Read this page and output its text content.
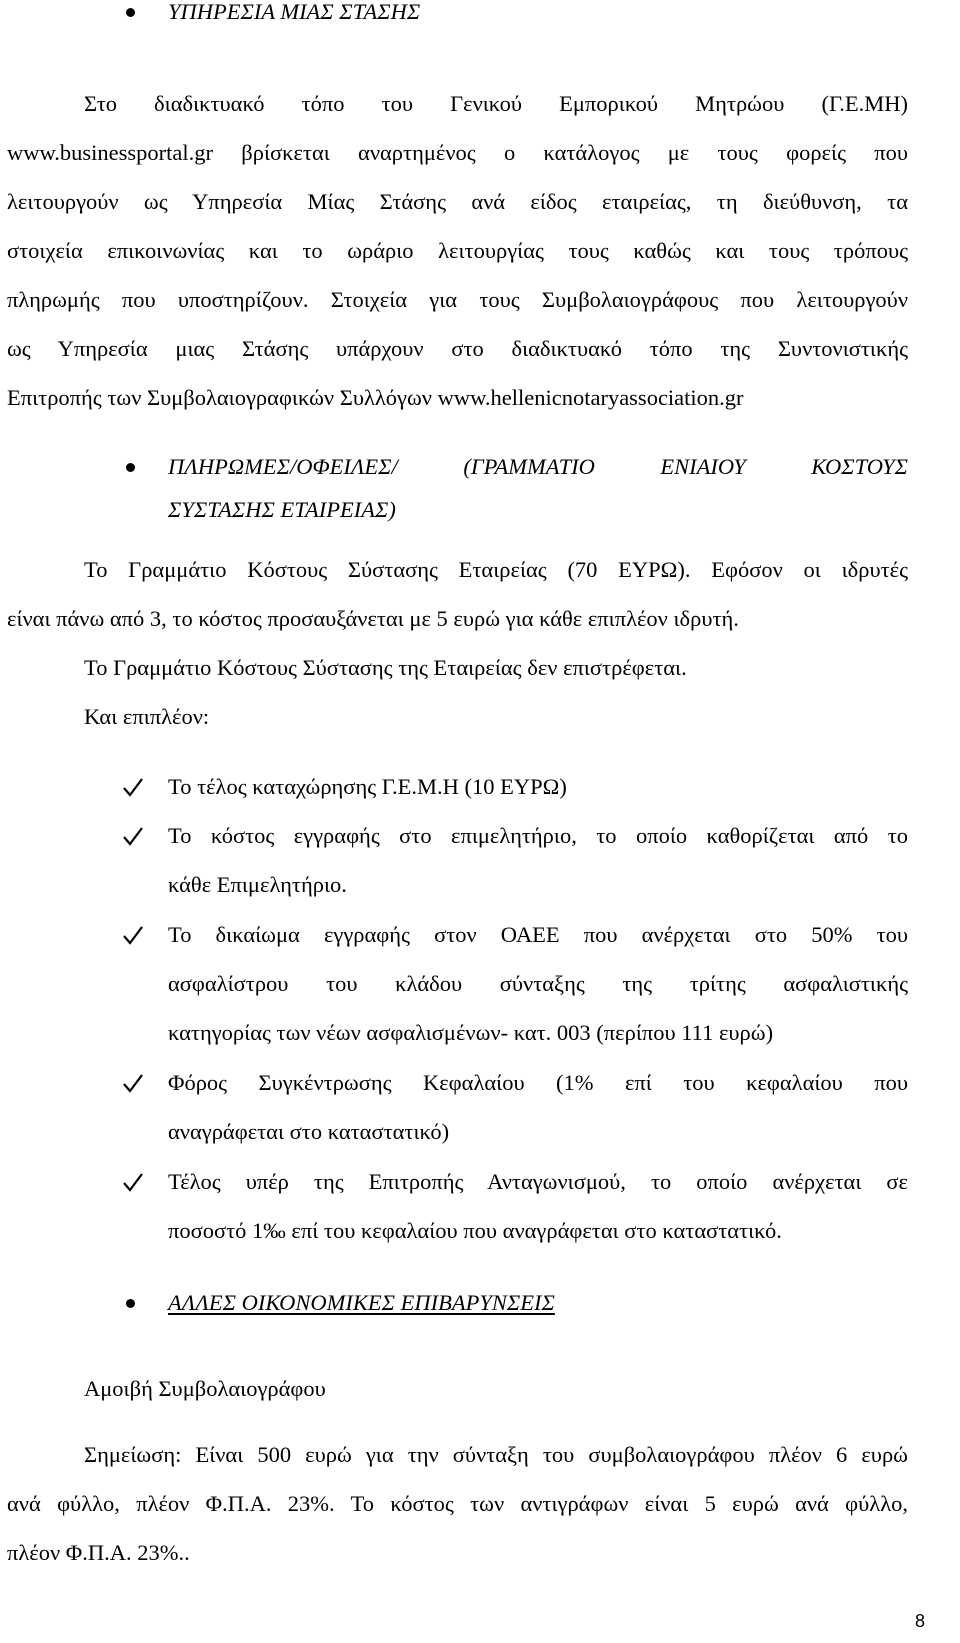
ΥΠΗΡΕΣΙΑ ΜΙΑΣ ΣΤΑΣΗΣ
Στο διαδικτυακό τόπο του Γενικού Εμπορικού Μητρώου (Γ.Ε.ΜΗ)
www.businessportal.gr βρίσκεται αναρτημένος ο κατάλογος με τους φορείς που
λειτουργούν ως Υπηρεσία Μίας Στάσης ανά είδος εταιρείας, τη διεύθυνση, τα
στοιχεία επικοινωνίας και το ωράριο λειτουργίας τους καθώς και τους τρόπους
πληρωμής που υποστηρίζουν. Στοιχεία για τους Συμβολαιογράφους που λειτουργούν
ως Υπηρεσία μιας Στάσης υπάρχουν στο διαδικτυακό τόπο της Συντονιστικής
Επιτροπής των Συμβολαιογραφικών Συλλόγων www.hellenicnotaryassociation.gr
ΠΛΗΡΩΜΕΣ/ΟΦΕΙΛΕΣ/ (ΓΡΑΜΜΑΤΙΟ ΕΝΙΑΙΟΥ ΚΟΣΤΟΥΣ
ΣΥΣΤΑΣΗΣ ΕΤΑΙΡΕΙΑΣ)
Το Γραμμάτιο Κόστους Σύστασης Εταιρείας (70 ΕΥΡΩ). Εφόσον οι ιδρυτές
είναι πάνω από 3, το κόστος προσαυξάνεται με 5 ευρώ για κάθε επιπλέον ιδρυτή.
Το Γραμμάτιο Κόστους Σύστασης της Εταιρείας δεν επιστρέφεται.
Και επιπλέον:
Το τέλος καταχώρησης Γ.Ε.Μ.Η (10 ΕΥΡΩ)
Το κόστος εγγραφής στο επιμελητήριο, το οποίο καθορίζεται από το
κάθε Επιμελητήριο.
Το δικαίωμα εγγραφής στον ΟΑΕΕ που ανέρχεται στο 50% του
ασφαλίστρου του κλάδου σύνταξης της τρίτης ασφαλιστικής
κατηγορίας των νέων ασφαλισμένων- κατ. 003 (περίπου 111 ευρώ)
Φόρος Συγκέντρωσης Κεφαλαίου (1% επί του κεφαλαίου που
αναγράφεται στο καταστατικό)
Τέλος υπέρ της Επιτροπής Ανταγωνισμού, το οποίο ανέρχεται σε
ποσοστό 1‰ επί του κεφαλαίου που αναγράφεται στο καταστατικό.
ΑΛΛΕΣ ΟΙΚΟΝΟΜΙΚΕΣ ΕΠΙΒΑΡΥΝΣΕΙΣ
Αμοιβή Συμβολαιογράφου
Σημείωση: Είναι 500 ευρώ για την σύνταξη του συμβολαιογράφου πλέον 6 ευρώ
ανά φύλλο, πλέον Φ.Π.Α. 23%. Το κόστος των αντιγράφων είναι 5 ευρώ ανά φύλλο,
πλέον Φ.Π.Α. 23%..
8
